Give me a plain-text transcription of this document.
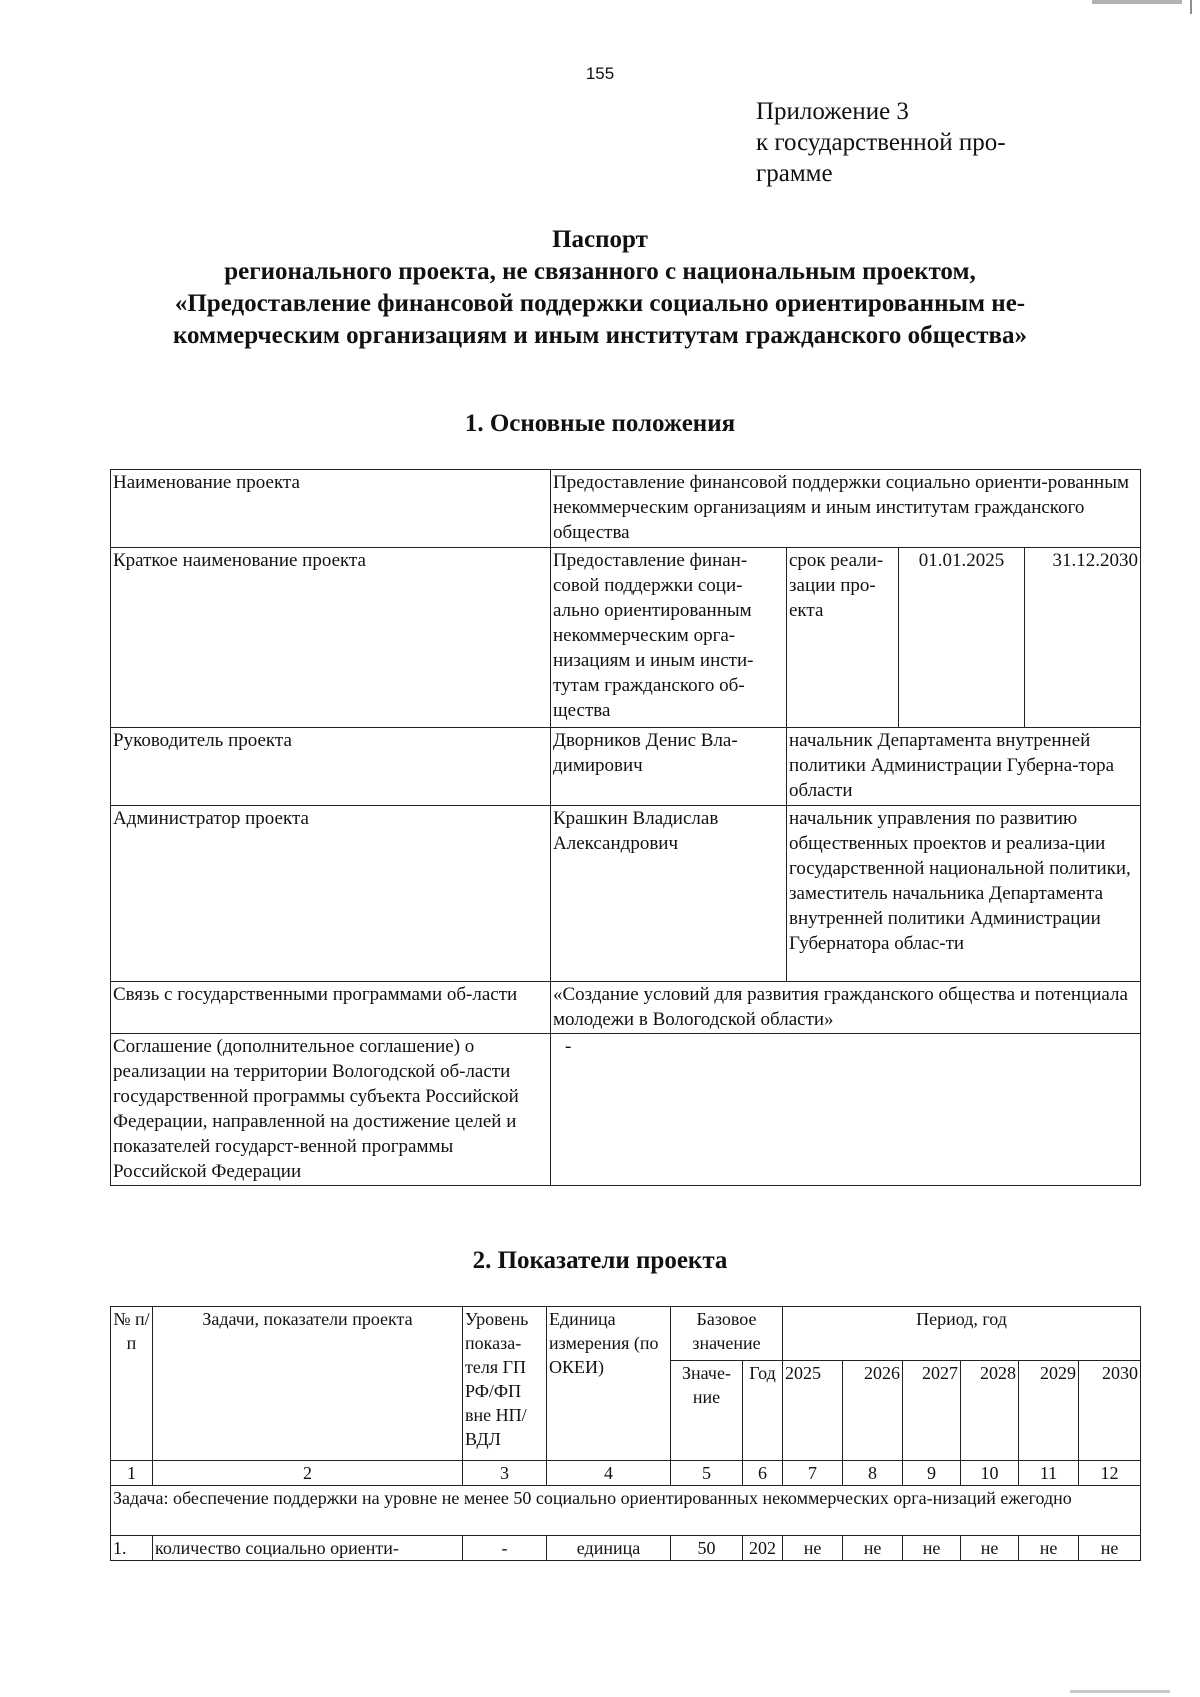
155
Приложение 3
к государственной про-
грамме
Паспорт
регионального проекта, не связанного с национальным проектом,
«Предоставление финансовой поддержки социально ориентированным не-
коммерческим организациям и иным институтам гражданского общества»
1. Основные положения
Наименование проекта	Предоставление финансовой поддержки социально ориенти-рованным некоммерческим организациям и иным институтам гражданского общества			
Краткое наименование проекта	Предоставление финан-совой поддержки соци-ально ориентированным некоммерческим орга-низациям и иным инсти-тутам гражданского об-щества	срок реали-зации про-екта	01.01.2025	31.12.2030
Руководитель проекта	Дворников Денис Вла-димирович	начальник Департамента внутренней политики Администрации Губерна-тора области		
Администратор проекта	Крашкин Владислав Александрович	начальник управления по развитию общественных проектов и реализа-ции государственной национальной политики, заместитель начальника Департамента внутренней политики Администрации Губернатора облас-ти		
Связь с государственными программами об-ласти	«Создание условий для развития гражданского общества и потенциала молодежи в Вологодской области»			
Соглашение (дополнительное соглашение) о реализации на территории Вологодской об-ласти государственной программы субъекта Российской Федерации, направленной на достижение целей и показателей государст-венной программы Российской Федерации	-			
2. Показатели проекта
№ п/п	Задачи, показатели проекта	Уровень показа-теля ГП РФ/ФП вне НП/ВДЛ	Единица измерения (по ОКЕИ)	Базовое значение		Период, год					
				Значе-ние	Год	2025	2026	2027	2028	2029	2030
1	2	3	4	5	6	7	8	9	10	11	12
Задача: обеспечение поддержки на уровне не менее 50 социально ориентированных некоммерческих орга-низаций ежегодно											
1.	количество социально ориенти-	-	единица	50	202	не	не	не	не	не	не
